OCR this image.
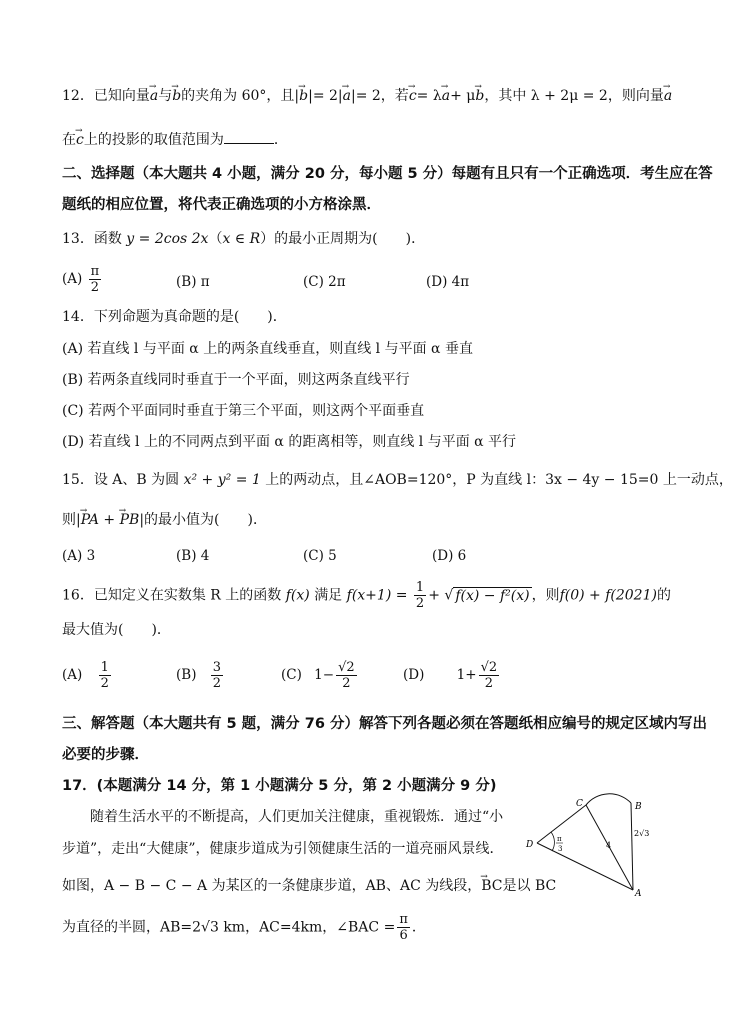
12．已知向量→ a与→ b的夹角为 60°，且|→ b|= 2|→ a|= 2，若→ c= λ→ a+ μ→ b，其中 λ + 2μ = 2，则向量→ a
在→ c上的投影的取值范围为	．
二、选择题（本大题共 4 小题，满分 20 分，每小题 5 分）每题有且只有一个正确选项．考生应在答
题纸的相应位置，将代表正确选项的小方格涂黑．
13．函数 y = 2cos 2x（x ∈ R）的最小正周期为(　　)．
$(A) \frac{\pi}{2}$	(B) π	(C) 2π	(D) 4π
14．下列命题为真命题的是(　　)．
(A) 若直线 l 与平面 α 上的两条直线垂直，则直线 l 与平面 α 垂直
(B) 若两条直线同时垂直于一个平面，则这两条直线平行
(C) 若两个平面同时垂直于第三个平面，则这两个平面垂直
(D) 若直线 l 上的不同两点到平面 α 的距离相等，则直线 l 与平面 α 平行
15．设 A、B 为圆 x² + y² = 1 上的两动点，且∠AOB=120°，P 为直线 l：3x − 4y − 15=0 上一动点，
则|→ PA + → PB|的最小值为(　　)．
(A) 3	(B) 4	(C) 5	(D) 6
16．已知定义在实数集 R 上的函数 f(x) 满足 $f(x+1) = \frac{1}{2}$ + √ f(x) − f²(x) ，则f(0) + f(2021)的
最大值为(　　)．
$(A) \frac{1}{2}$	$(B) \frac{3}{2}$	(C) $1- \frac{√2}{2}$	(D) $1+ \frac{√2}{2}$
三、解答题（本大题共有 5 题，满分 76 分）解答下列各题必须在答题纸相应编号的规定区域内写出
必要的步骤．
17．(本题满分 14 分，第 1 小题满分 5 分，第 2 小题满分 9 分)
随着生活水平的不断提高，人们更加关注健康，重视锻炼．通过“小
步道”，走出“大健康”，健康步道成为引领健康生活的一道亮丽风景线．
如图，A − B − C − A 为某区的一条健康步道，AB、AC 为线段，→ BC是以 BC
为直径的半圆，AB=2√3 km，AC=4km，∠BAC = $\frac{\pi}{6}$ ．
C	B
D
A
4
2√3
π
3
